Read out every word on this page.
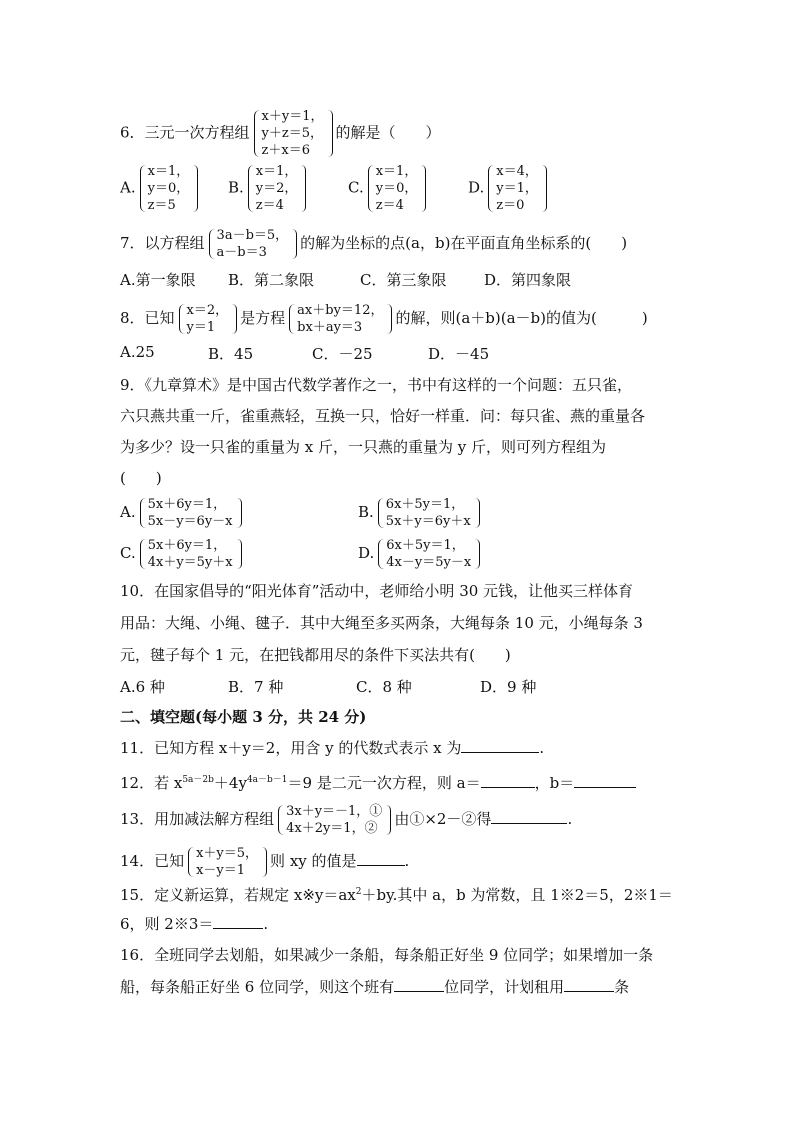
6．三元一次方程组
x＋y＝1，
y＋z＝5，
z＋x＝6
的解是（　　）
A.
x＝1，
y＝0，
z＝5
B.
x＝1，
y＝2，
z＝4
C.
x＝1，
y＝0，
z＝4
D.
x＝4，
y＝1，
z＝0
7．以方程组 3a－b＝5，
a－b＝3
的解为坐标的点(a，b)在平面直角坐标系的(　　)
A.第一象限 B．第二象限	C．第三象限	D．第四象限
8．已知 x＝2，
y＝1
是方程 ax＋by＝12，
bx＋ay＝3
的解，则(a＋b)(a－b)的值为(　　　)
A.25	B．45	C．－25	D．－45
9．《九章算术》是中国古代数学著作之一，书中有这样的一个问题：五只雀，
六只燕共重一斤，雀重燕轻，互换一只，恰好一样重．问：每只雀、燕的重量各
为多少？设一只雀的重量为 x 斤，一只燕的重量为 y 斤，则可列方程组为
(　　)
A. 5x＋6y＝1，
5x－y＝6y－x
B. 6x＋5y＝1，
5x＋y＝6y＋x
C. 5x＋6y＝1，
4x＋y＝5y＋x
D. 6x＋5y＝1，
4x－y＝5y－x
10．在国家倡导的“阳光体育”活动中，老师给小明 30 元钱，让他买三样体育
用品：大绳、小绳、毽子．其中大绳至多买两条，大绳每条 10 元，小绳每条 3
元，毽子每个 1 元，在把钱都用尽的条件下买法共有(　　)
A.6 种	B．7 种	C．8 种	D．9 种
二、填空题(每小题 3 分，共 24 分)
11．已知方程 x＋y＝2，用含 y 的代数式表示 x 为	.
12．若 $x^{5a-2b}+4y^{4a-b-1}=9$ 是二元一次方程，则 a＝	，b＝
13．用加减法解方程组 3x＋y＝－1，①
4x＋2y＝1，②
由①×2－②得	.
14．已知 x＋y＝5，
x－y＝1
则 xy 的值是	.
15．定义新运算，若规定 $x※y=ax^2+by$.其中 a，b 为常数，且 1※2＝5，2※1＝
6，则 2※3＝	.
16．全班同学去划船，如果减少一条船，每条船正好坐 9 位同学；如果增加一条
船，每条船正好坐 6 位同学，则这个班有	位同学，计划租用	条
